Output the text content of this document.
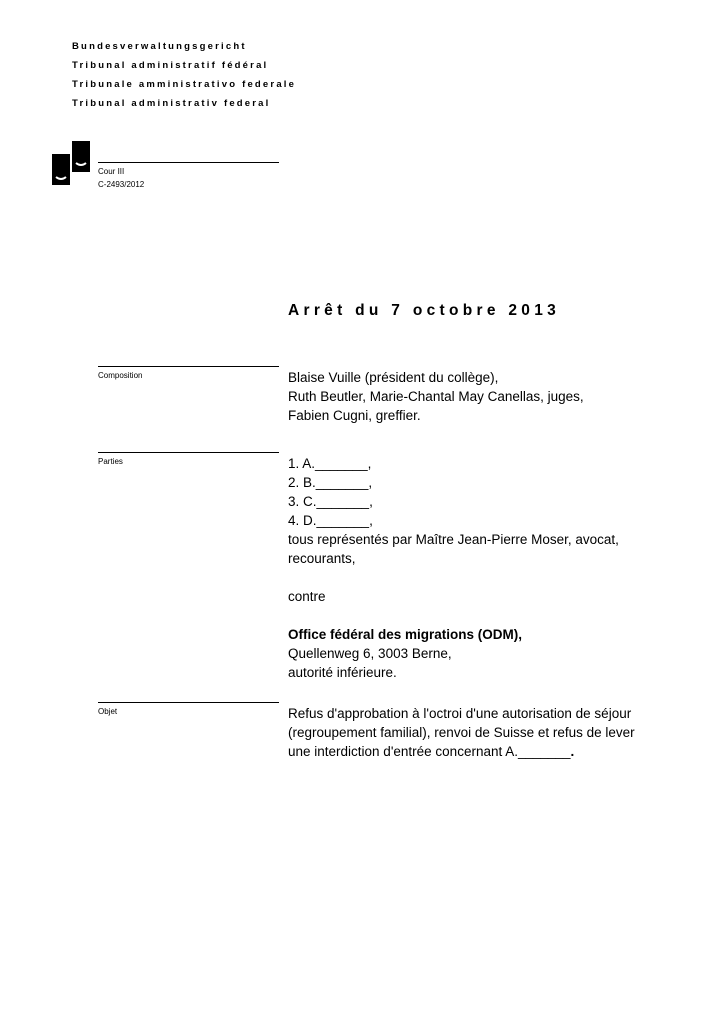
Bundesverwaltungsgericht
Tribunal administratif fédéral
Tribunale amministrativo federale
Tribunal administrativ federal
Cour III
C-2493/2012
Arrêt du 7 octobre 2013
Composition	Blaise Vuille (président du collège),
Ruth Beutler, Marie-Chantal May Canellas, juges,
Fabien Cugni, greffier.
Parties	1. A._______,
2. B._______,
3. C._______,
4. D._______,
tous représentés par Maître Jean-Pierre Moser, avocat,
recourants,
contre
Office fédéral des migrations (ODM),
Quellenweg 6, 3003 Berne,
autorité inférieure.
Objet	Refus d'approbation à l'octroi d'une autorisation de séjour
(regroupement familial), renvoi de Suisse et refus de lever
une interdiction d'entrée concernant A._______.
